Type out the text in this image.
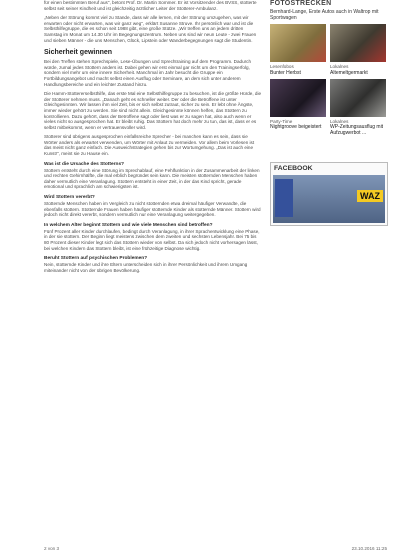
für einen bestimmten Beruf aus", betont Prof. Dr. Martin Sommer. Er ist Vorsitzender des BVSS, stotterte selbst seit seiner Kindheit und ist gleichzeitig ärztlicher Leiter der Stotterer-Ambulanz.

„Neben der Störung kommt viel zu Stande, dass wir alle lernen, mit der Störung umzugehen, was wir erwarten oder nicht erwarten, was wir ganz weg", erklärt Susanne Struve. Ihr persönlich war und ist die Selbsthilfegruppe, die es schon seit 1988 gibt, eine große Stütze. „Wir treffen uns an jedem dritten Samstag im Monat um 14.30 Uhr im Begegnungszentrum. Neben uns sind wir neun Leute - zwei Frauen und sieben Männer - die uns Menschen, Glück, Lipstein oder Wanderbegegnungen sagt die Studentin.

Sicherheit gewinnen

Bei den Treffen stehen Sprechspiele, Lese-Übungen und Sprechtraining auf dem Programm. Dadurch würde, zumal jedes Stottern anders ist. Dabei gehen wir erst einmal gar nicht um den Trainingserfolg, sondern viel mehr um eine innere Sicherheit. Manchmal im Jahr besucht die Gruppe ein Fortbildungsangebot und macht selbst einen Ausflug oder Seminare, an dem sich unter anderem Handlungsbereiche und ein leichter Zustand hinzu.

Die Hamm-Stottererselbsthilfe, das erste Mal eine Selbsthilfegruppe zu besuchen, ist die größte Hürde, die der Stotterer nehmen muss. „Danach geht es schneller weiter. Der oder die Betroffene ist unter Gleichgesinnten. Wir lassen ihm viel Zeit, bis er sich selbst zutraut, sicher zu sein. Er lebt ohne Ängste, immer wieder gehört zu werden. Sie sind nicht allein. Gleichgesinnte können helfen, das Stottern zu kontrollieren. Dazu gehört, dass der Betroffene sagt oder liest was er zu sagen hat, also auch wenn er vieles nicht so ausgesprochen hat. Er bleibt ruhig. Das Stottern hat doch mehr zu tun, das ist, dass er es selbst mitbekommt, wenn er vertrauensvoller wird.

Stotterer sind übrigens ausgesprochen einfallsreiche Sprecher - bei manchen kann es sein, dass sie Wörter anders als erwartet verwenden, um Wörter mit Anlaut zu vermeiden. Vor allem beim Vorlesen ist das meist nicht ganz einfach. Die Ausweichstrategien gehen bis zur Wortumgehung. „Das ist auch eine Kunst!", meint sie zu Hause ein.

Was ist die Ursache des Stotterns?

Stottern entsteht durch eine Störung im Sprechablauf, eine Fehlfunktion in der Zusammenarbeit der linken und rechten Gehirnhälfte, die mal erblich begründet sein kann. Die meisten stotternden Menschen haben daher vermutlich eine Veranlagung. Stottern entsteht in einer Zeit, in der das Kind spricht, gerade emotional und sprachlich am schwierigsten ist.

Wird Stottern vererbt?

Stotternde Menschen haben im Vergleich zu nicht stotternden etwa dreimal häufiger Verwandte, die ebenfalls stottern. Stotternde Frauen haben häufiger stotternde Kinder als stotternde Männer. Stottern wird jedoch nicht direkt vererbt, sondern vermutlich nur eine Veranlagung weitergegeben.

In welchem Alter beginnt Stottern und wie viele Menschen sind betroffen?

Fünf Prozent aller Kinder durchlaufen, bedingt durch Veranlagung, in ihrer Sprachentwicklung eine Phase, in der sie stottern. Der Beginn liegt meistens zwischen dem zweiten und sechsten Lebensjahr. Bei 75 bis 80 Prozent dieser Kinder legt sich das Stottern wieder von selbst. Da sich jedoch nicht vorhersagen lässt, bei welchen Kindern das Stottern bleibt, ist eine frühzeitige Diagnose wichtig.

Beruht Stottern auf psychischen Problemen?

Nein, stotternde Kinder und ihre Eltern unterscheiden sich in ihrer Persönlichkeit und ihrem Umgang miteinander nicht von der übrigen Bevölkerung.

FOTOSTRECKEN
Bernhard-Lange, Erste Autos auch in Waltrop mit Sportwagen
Lesenfobos
Bunter Herbst
Lokalnes
Altemeltgermarkt
Party-Time
Nightgroove beigeistert
Lokalnes
WP-Zeitungsausflug mit Aufzugwerbot ...
FACEBOOK
WAZ
2 von 3	23.10.2016 11:25
